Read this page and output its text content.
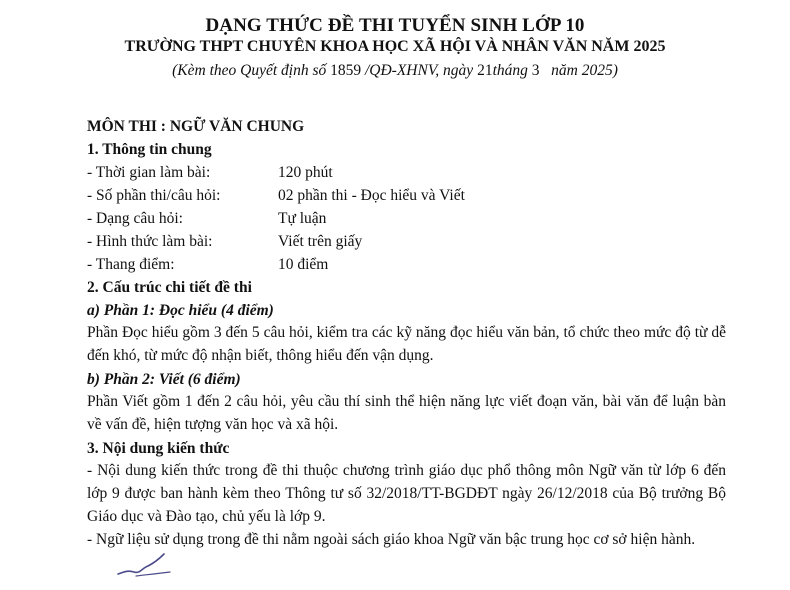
DẠNG THỨC ĐỀ THI TUYỂN SINH LỚP 10
TRƯỜNG THPT CHUYÊN KHOA HỌC XÃ HỘI VÀ NHÂN VĂN NĂM 2025
(Kèm theo Quyết định số 1859 /QĐ-XHNV, ngày 21tháng 3   năm 2025)
MÔN THI : NGỮ VĂN CHUNG
1. Thông tin chung
- Thời gian làm bài:	120 phút
- Số phần thi/câu hỏi:	02 phần thi - Đọc hiểu và Viết
- Dạng câu hỏi:	Tự luận
- Hình thức làm bài:	Viết trên giấy
- Thang điểm:	10 điểm
2. Cấu trúc chi tiết đề thi
a) Phần 1: Đọc hiểu (4 điểm)
Phần Đọc hiểu gồm 3 đến 5 câu hỏi, kiểm tra các kỹ năng đọc hiểu văn bản, tổ chức theo mức độ từ dễ đến khó, từ mức độ nhận biết, thông hiểu đến vận dụng.
b) Phần 2: Viết (6 điểm)
Phần Viết gồm 1 đến 2 câu hỏi, yêu cầu thí sinh thể hiện năng lực viết đoạn văn, bài văn để luận bàn về vấn đề, hiện tượng văn học và xã hội.
3. Nội dung kiến thức
- Nội dung kiến thức trong đề thi thuộc chương trình giáo dục phổ thông môn Ngữ văn từ lớp 6 đến lớp 9 được ban hành kèm theo Thông tư số 32/2018/TT-BGDĐT ngày 26/12/2018 của Bộ trưởng Bộ Giáo dục và Đào tạo, chủ yếu là lớp 9.
- Ngữ liệu sử dụng trong đề thi nằm ngoài sách giáo khoa Ngữ văn bậc trung học cơ sở hiện hành.
